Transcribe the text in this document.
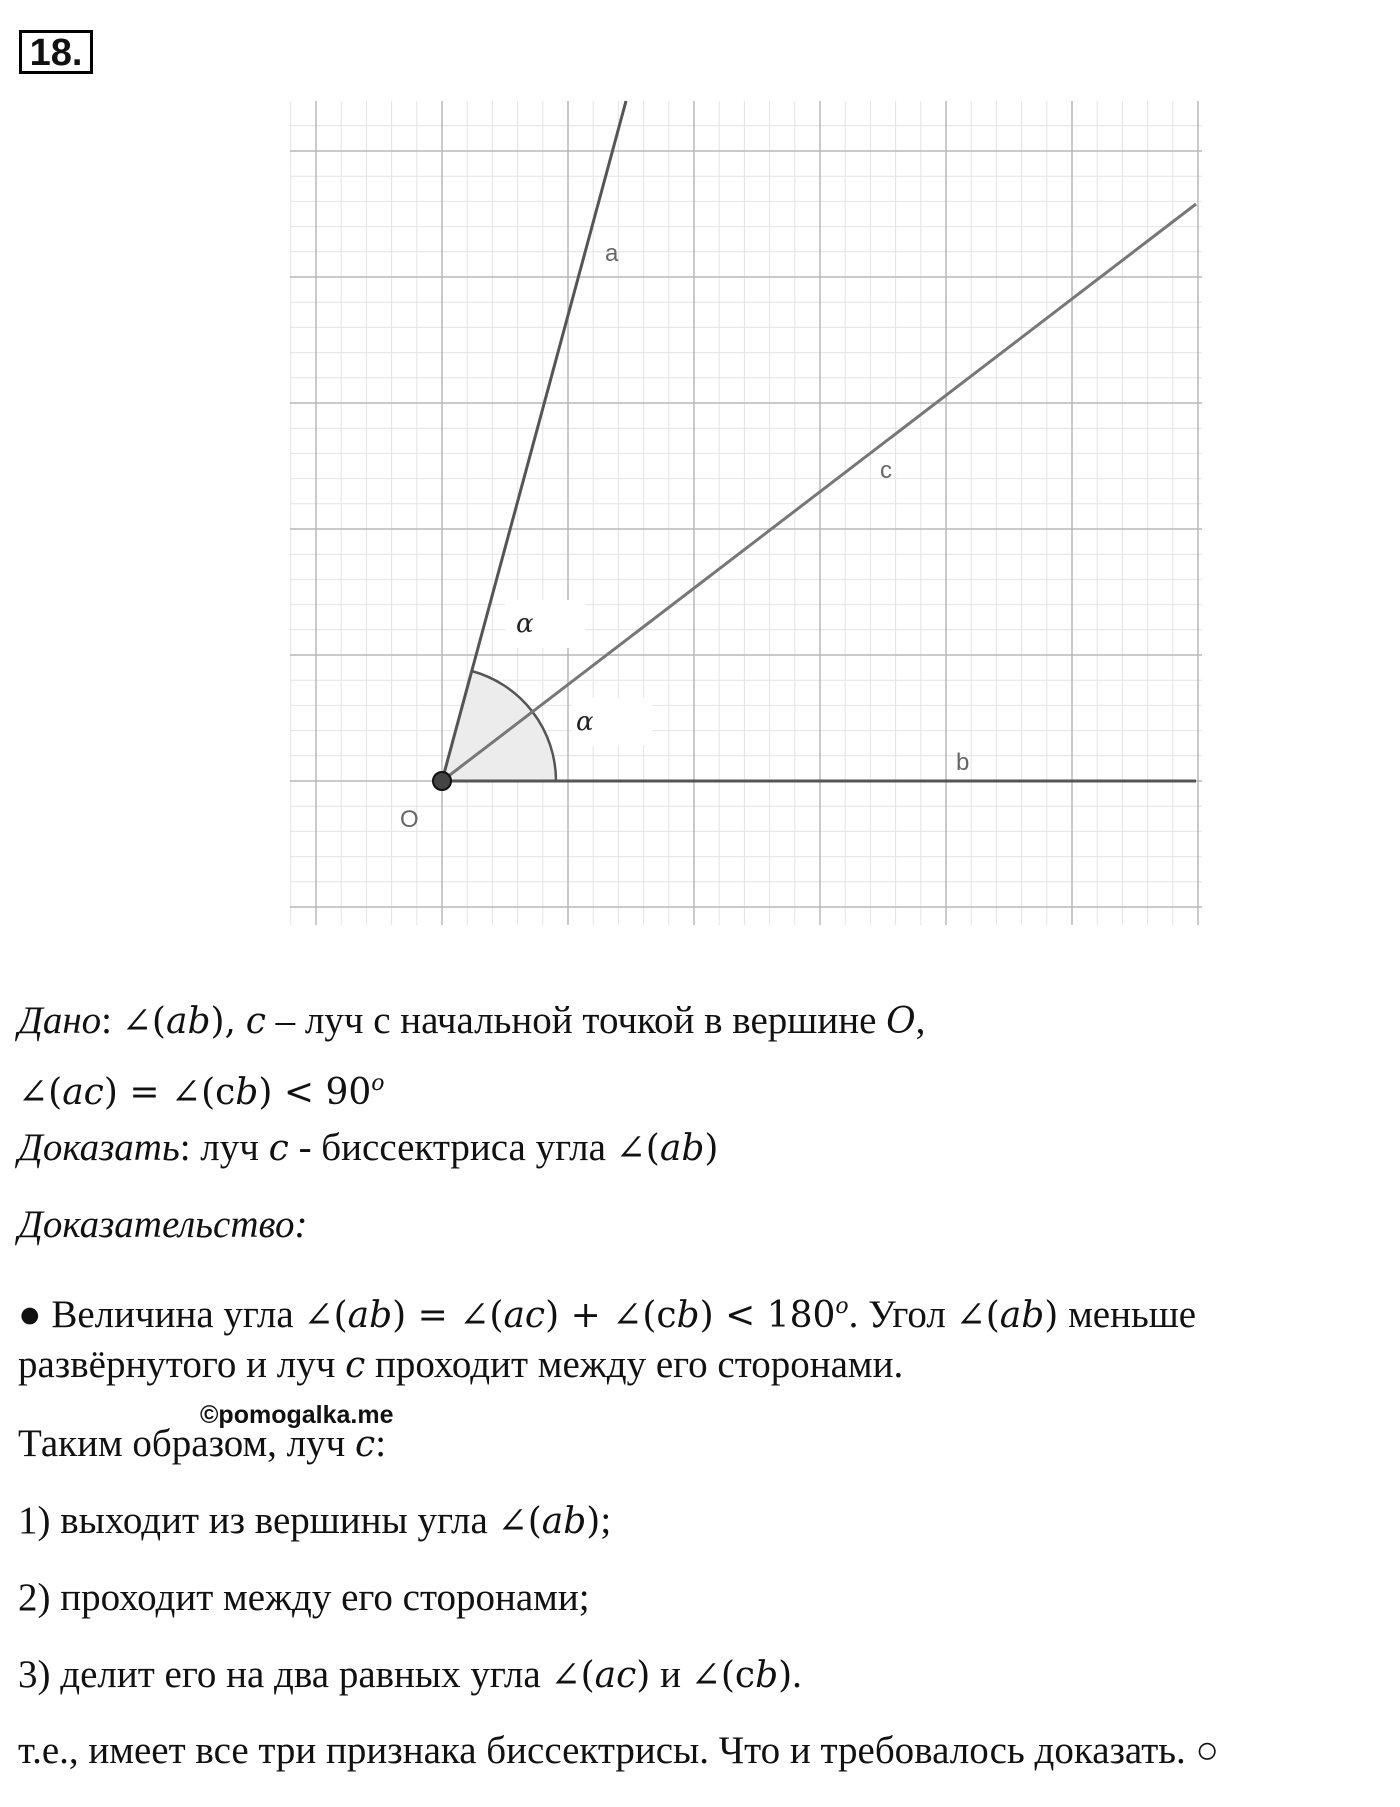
18.
a
c
b
O
α
α
Дано: ∠(𝑎𝑏), 𝑐 – луч с начальной точкой в вершине 𝑂,
∠(𝑎𝑐) = ∠(c𝑏) < $90^𝑜$
Доказать: луч 𝑐 - биссектриса угла ∠(𝑎𝑏)
Доказательство:
● Величина угла ∠(𝑎𝑏) = ∠(𝑎𝑐) + ∠(c𝑏) < $180^𝑜$. Угол ∠(𝑎𝑏) меньше
развёрнутого и луч 𝑐 проходит между его сторонами.
Таким образом, луч 𝑐:
©pomogalka.me
1) выходит из вершины угла ∠(𝑎𝑏);
2) проходит между его сторонами;
3) делит его на два равных угла ∠(𝑎𝑐) и ∠(c𝑏).
т.е., имеет все три признака биссектрисы. Что и требовалось доказать. ○
